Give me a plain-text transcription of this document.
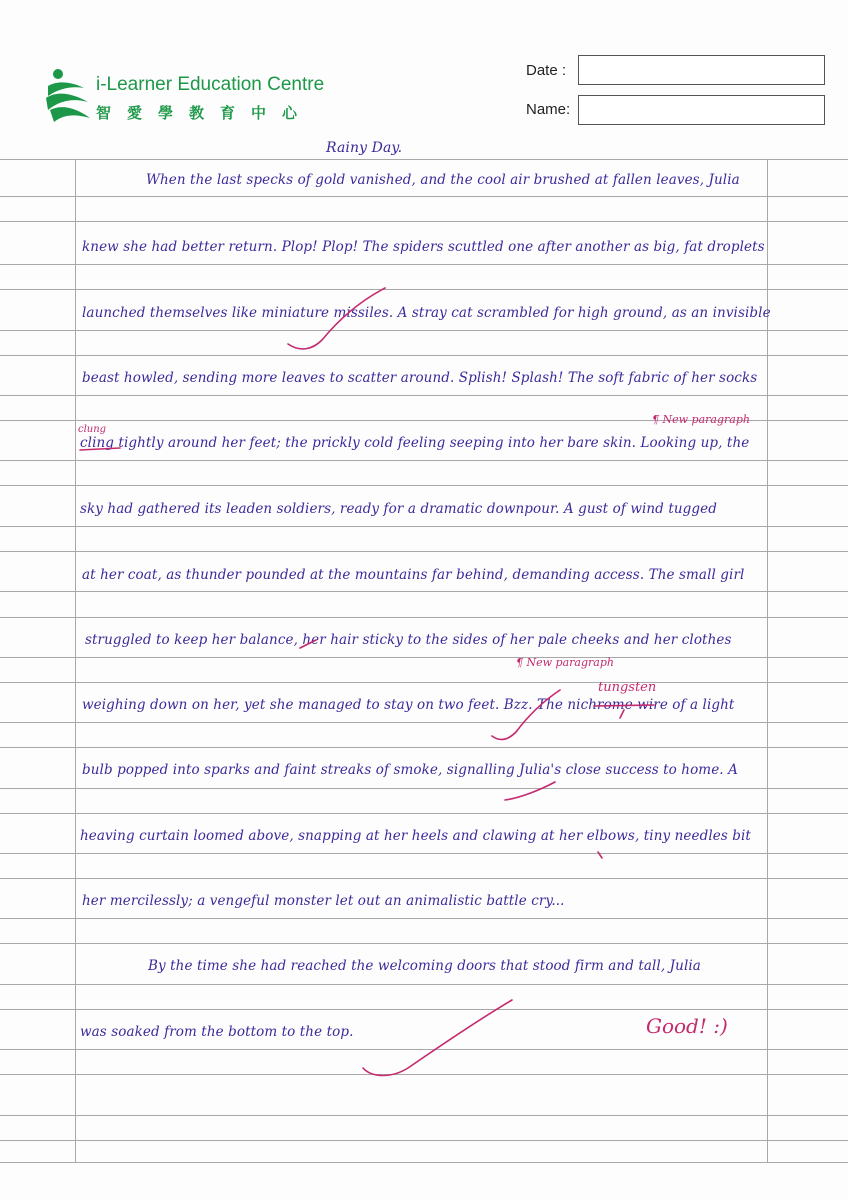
i-Learner Education Centre
智愛學教育中心
Date :
Name:
Rainy Day.
When the last specks of gold vanished, and the cool air brushed at fallen leaves, Julia
knew she had better return. Plop! Plop! The spiders scuttled one after another as big, fat droplets
launched themselves like miniature missiles. A stray cat scrambled for high ground, as an invisible
beast howled, sending more leaves to scatter around. Splish! Splash! The soft fabric of her socks
cling tightly around her feet; the prickly cold feeling seeping into her bare skin. Looking up, the
sky had gathered its leaden soldiers, ready for a dramatic downpour. A gust of wind tugged
at her coat, as thunder pounded at the mountains far behind, demanding access. The small girl
struggled to keep her balance, her hair sticky to the sides of her pale cheeks and her clothes
weighing down on her, yet she managed to stay on two feet. Bzz. The nichrome wire of a light
bulb popped into sparks and faint streaks of smoke, signalling Julia's close success to home. A
heaving curtain loomed above, snapping at her heels and clawing at her elbows, tiny needles bit
her mercilessly; a vengeful monster let out an animalistic battle cry...
By the time she had reached the welcoming doors that stood firm and tall, Julia
was soaked from the bottom to the top.
clung
¶ New paragraph
¶ New paragraph
tungsten
Good! :)
